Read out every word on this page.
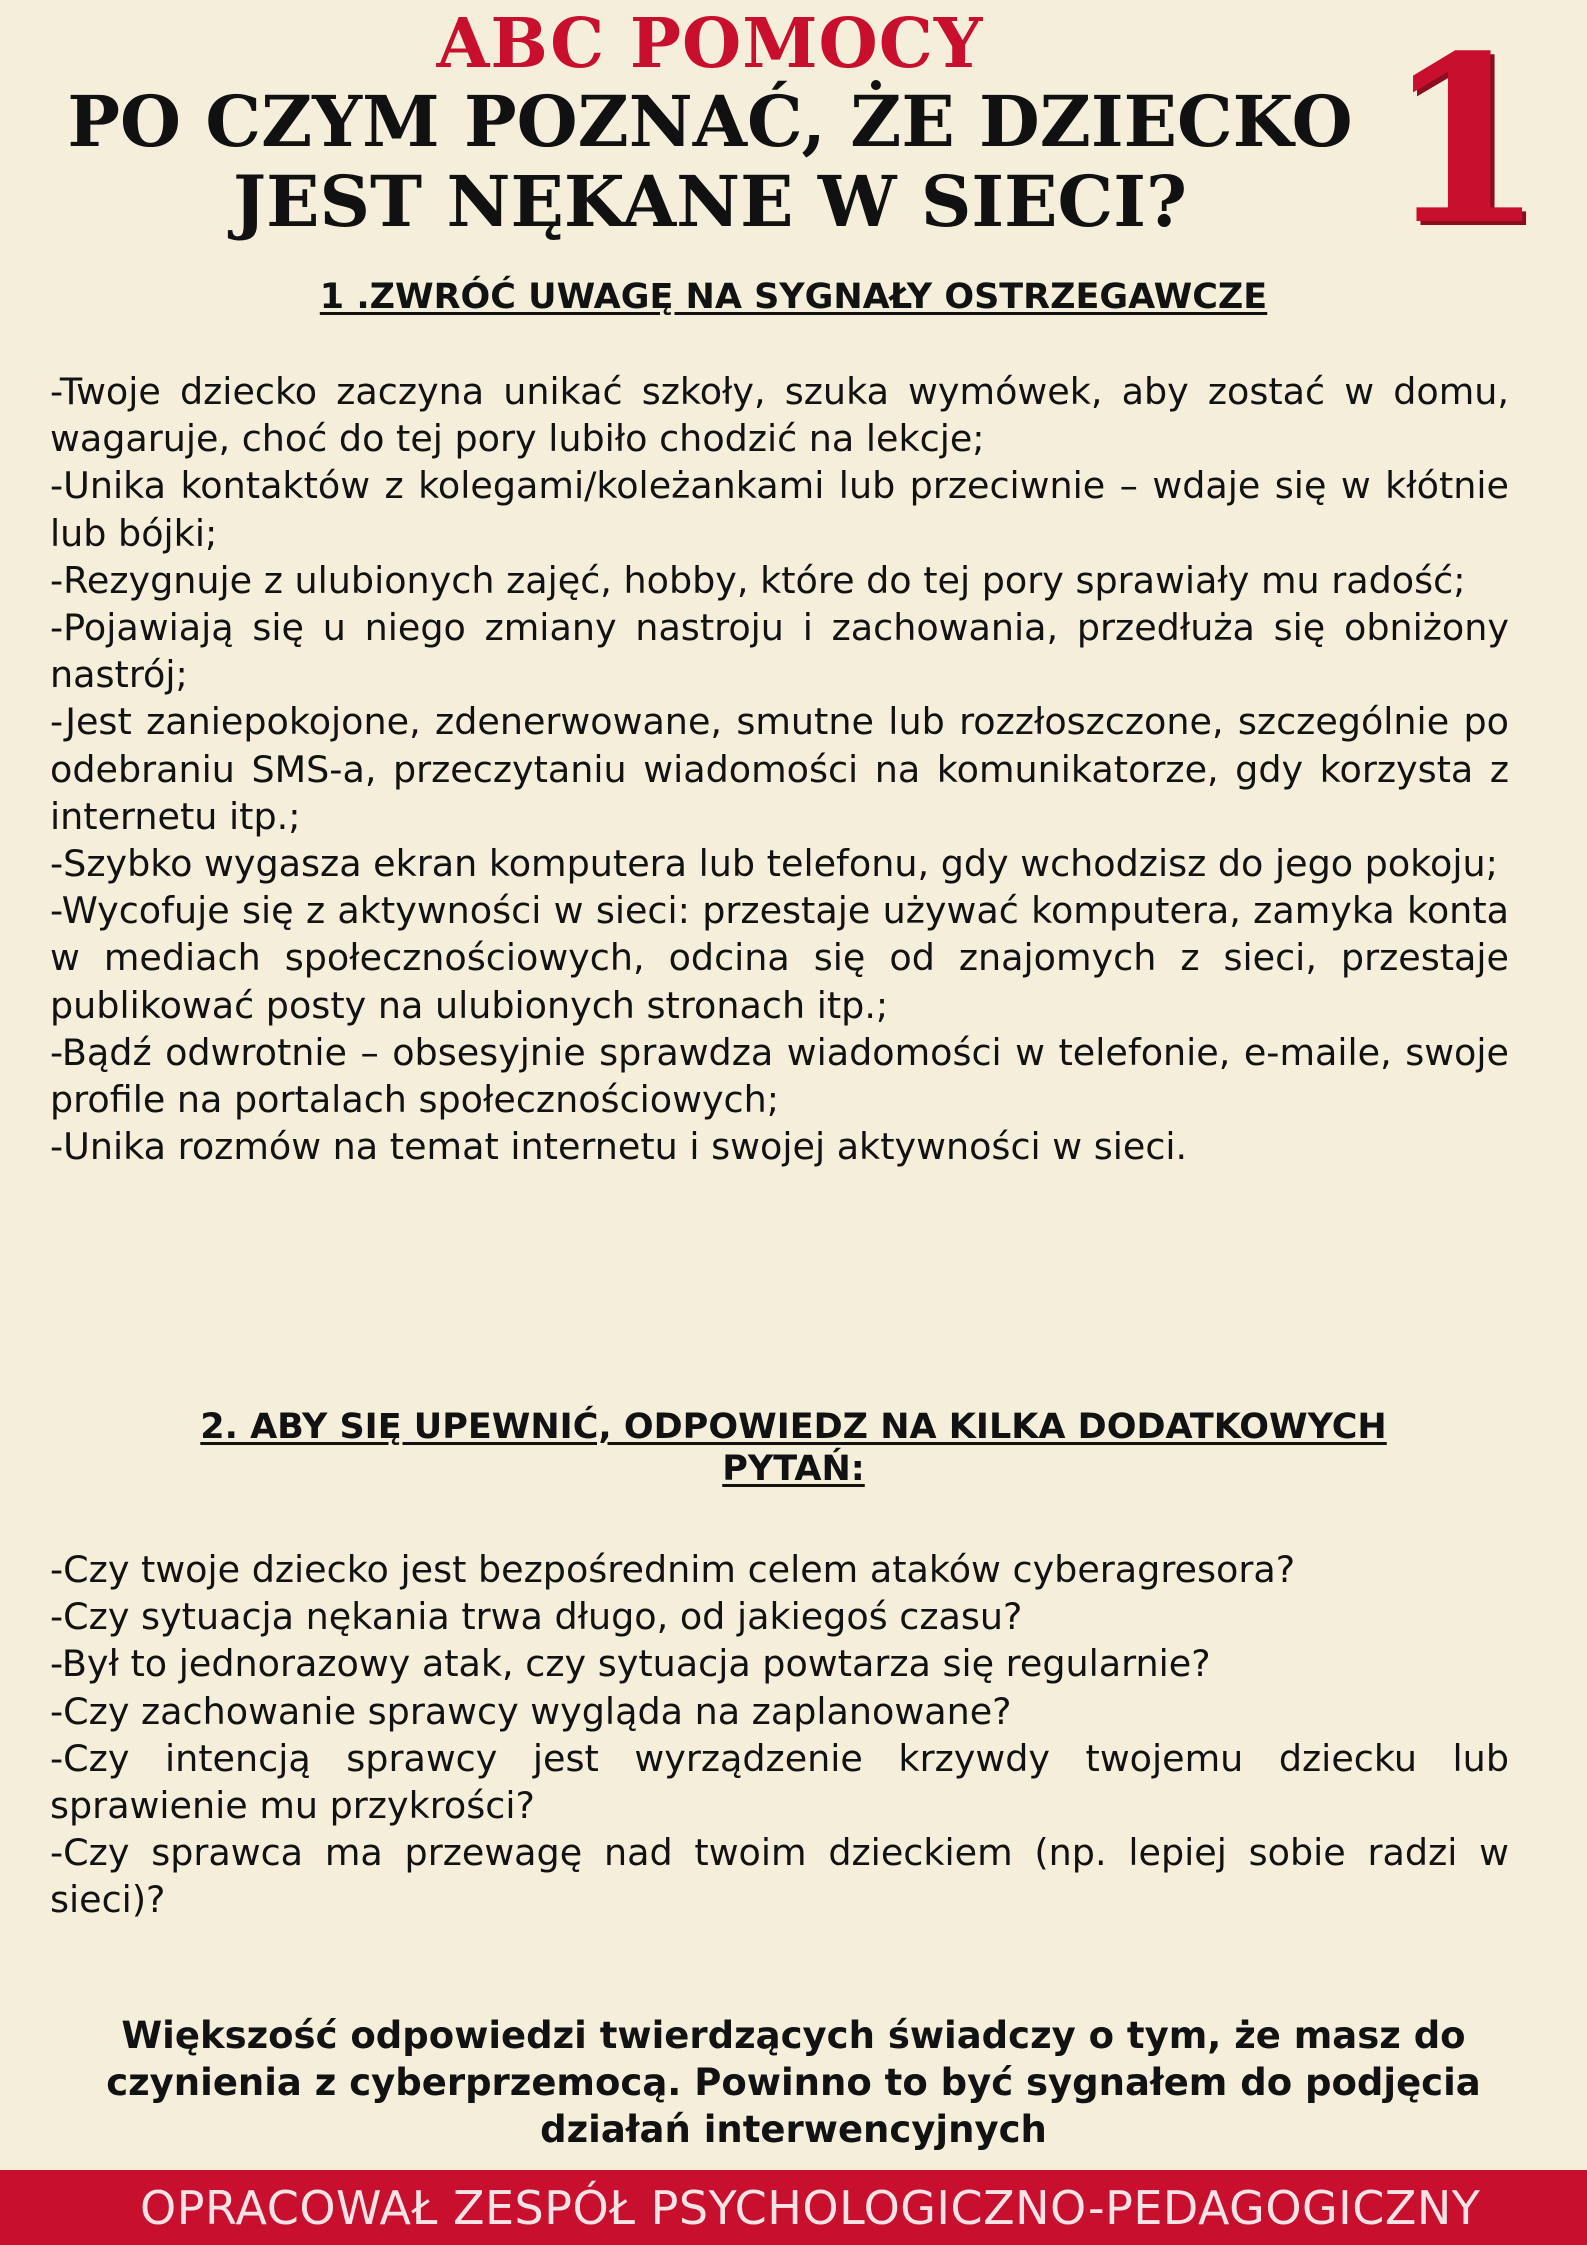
1
ABC POMOCY
PO CZYM POZNAĆ, ŻE DZIECKO
JEST NĘKANE W SIECI?
1 .ZWRÓĆ UWAGĘ NA SYGNAŁY OSTRZEGAWCZE
-Twoje dziecko zaczyna unikać szkoły, szuka wymówek, aby zostać w domu, wagaruje, choć do tej pory lubiło chodzić na lekcje;
-Unika kontaktów z kolegami/koleżankami lub przeciwnie – wdaje się w kłótnie lub bójki;
-Rezygnuje z ulubionych zajęć, hobby, które do tej pory sprawiały mu radość;
-Pojawiają się u niego zmiany nastroju i zachowania, przedłuża się obniżony nastrój;
-Jest zaniepokojone, zdenerwowane, smutne lub rozzłoszczone, szczególnie po odebraniu SMS-a, przeczytaniu wiadomości na komunikatorze, gdy korzysta z internetu itp.;
-Szybko wygasza ekran komputera lub telefonu, gdy wchodzisz do jego pokoju;
-Wycofuje się z aktywności w sieci: przestaje używać komputera, zamyka konta w mediach społecznościowych, odcina się od znajomych z sieci, przestaje publikować posty na ulubionych stronach itp.;
-Bądź odwrotnie – obsesyjnie sprawdza wiadomości w telefonie, e-maile, swoje profile na portalach społecznościowych;
-Unika rozmów na temat internetu i swojej aktywności w sieci.
2. ABY SIĘ UPEWNIĆ, ODPOWIEDZ NA KILKA DODATKOWYCH
PYTAŃ:
-Czy twoje dziecko jest bezpośrednim celem ataków cyberagresora?
-Czy sytuacja nękania trwa długo, od jakiegoś czasu?
-Był to jednorazowy atak, czy sytuacja powtarza się regularnie?
-Czy zachowanie sprawcy wygląda na zaplanowane?
-Czy intencją sprawcy jest wyrządzenie krzywdy twojemu dziecku lub sprawienie mu przykrości?
-Czy sprawca ma przewagę nad twoim dzieckiem (np. lepiej sobie radzi w sieci)?

Większość odpowiedzi twierdzących świadczy o tym, że masz do czynienia z cyberprzemocą. Powinno to być sygnałem do podjęcia działań interwencyjnych

OPRACOWAŁ ZESPÓŁ PSYCHOLOGICZNO-PEDAGOGICZNY
